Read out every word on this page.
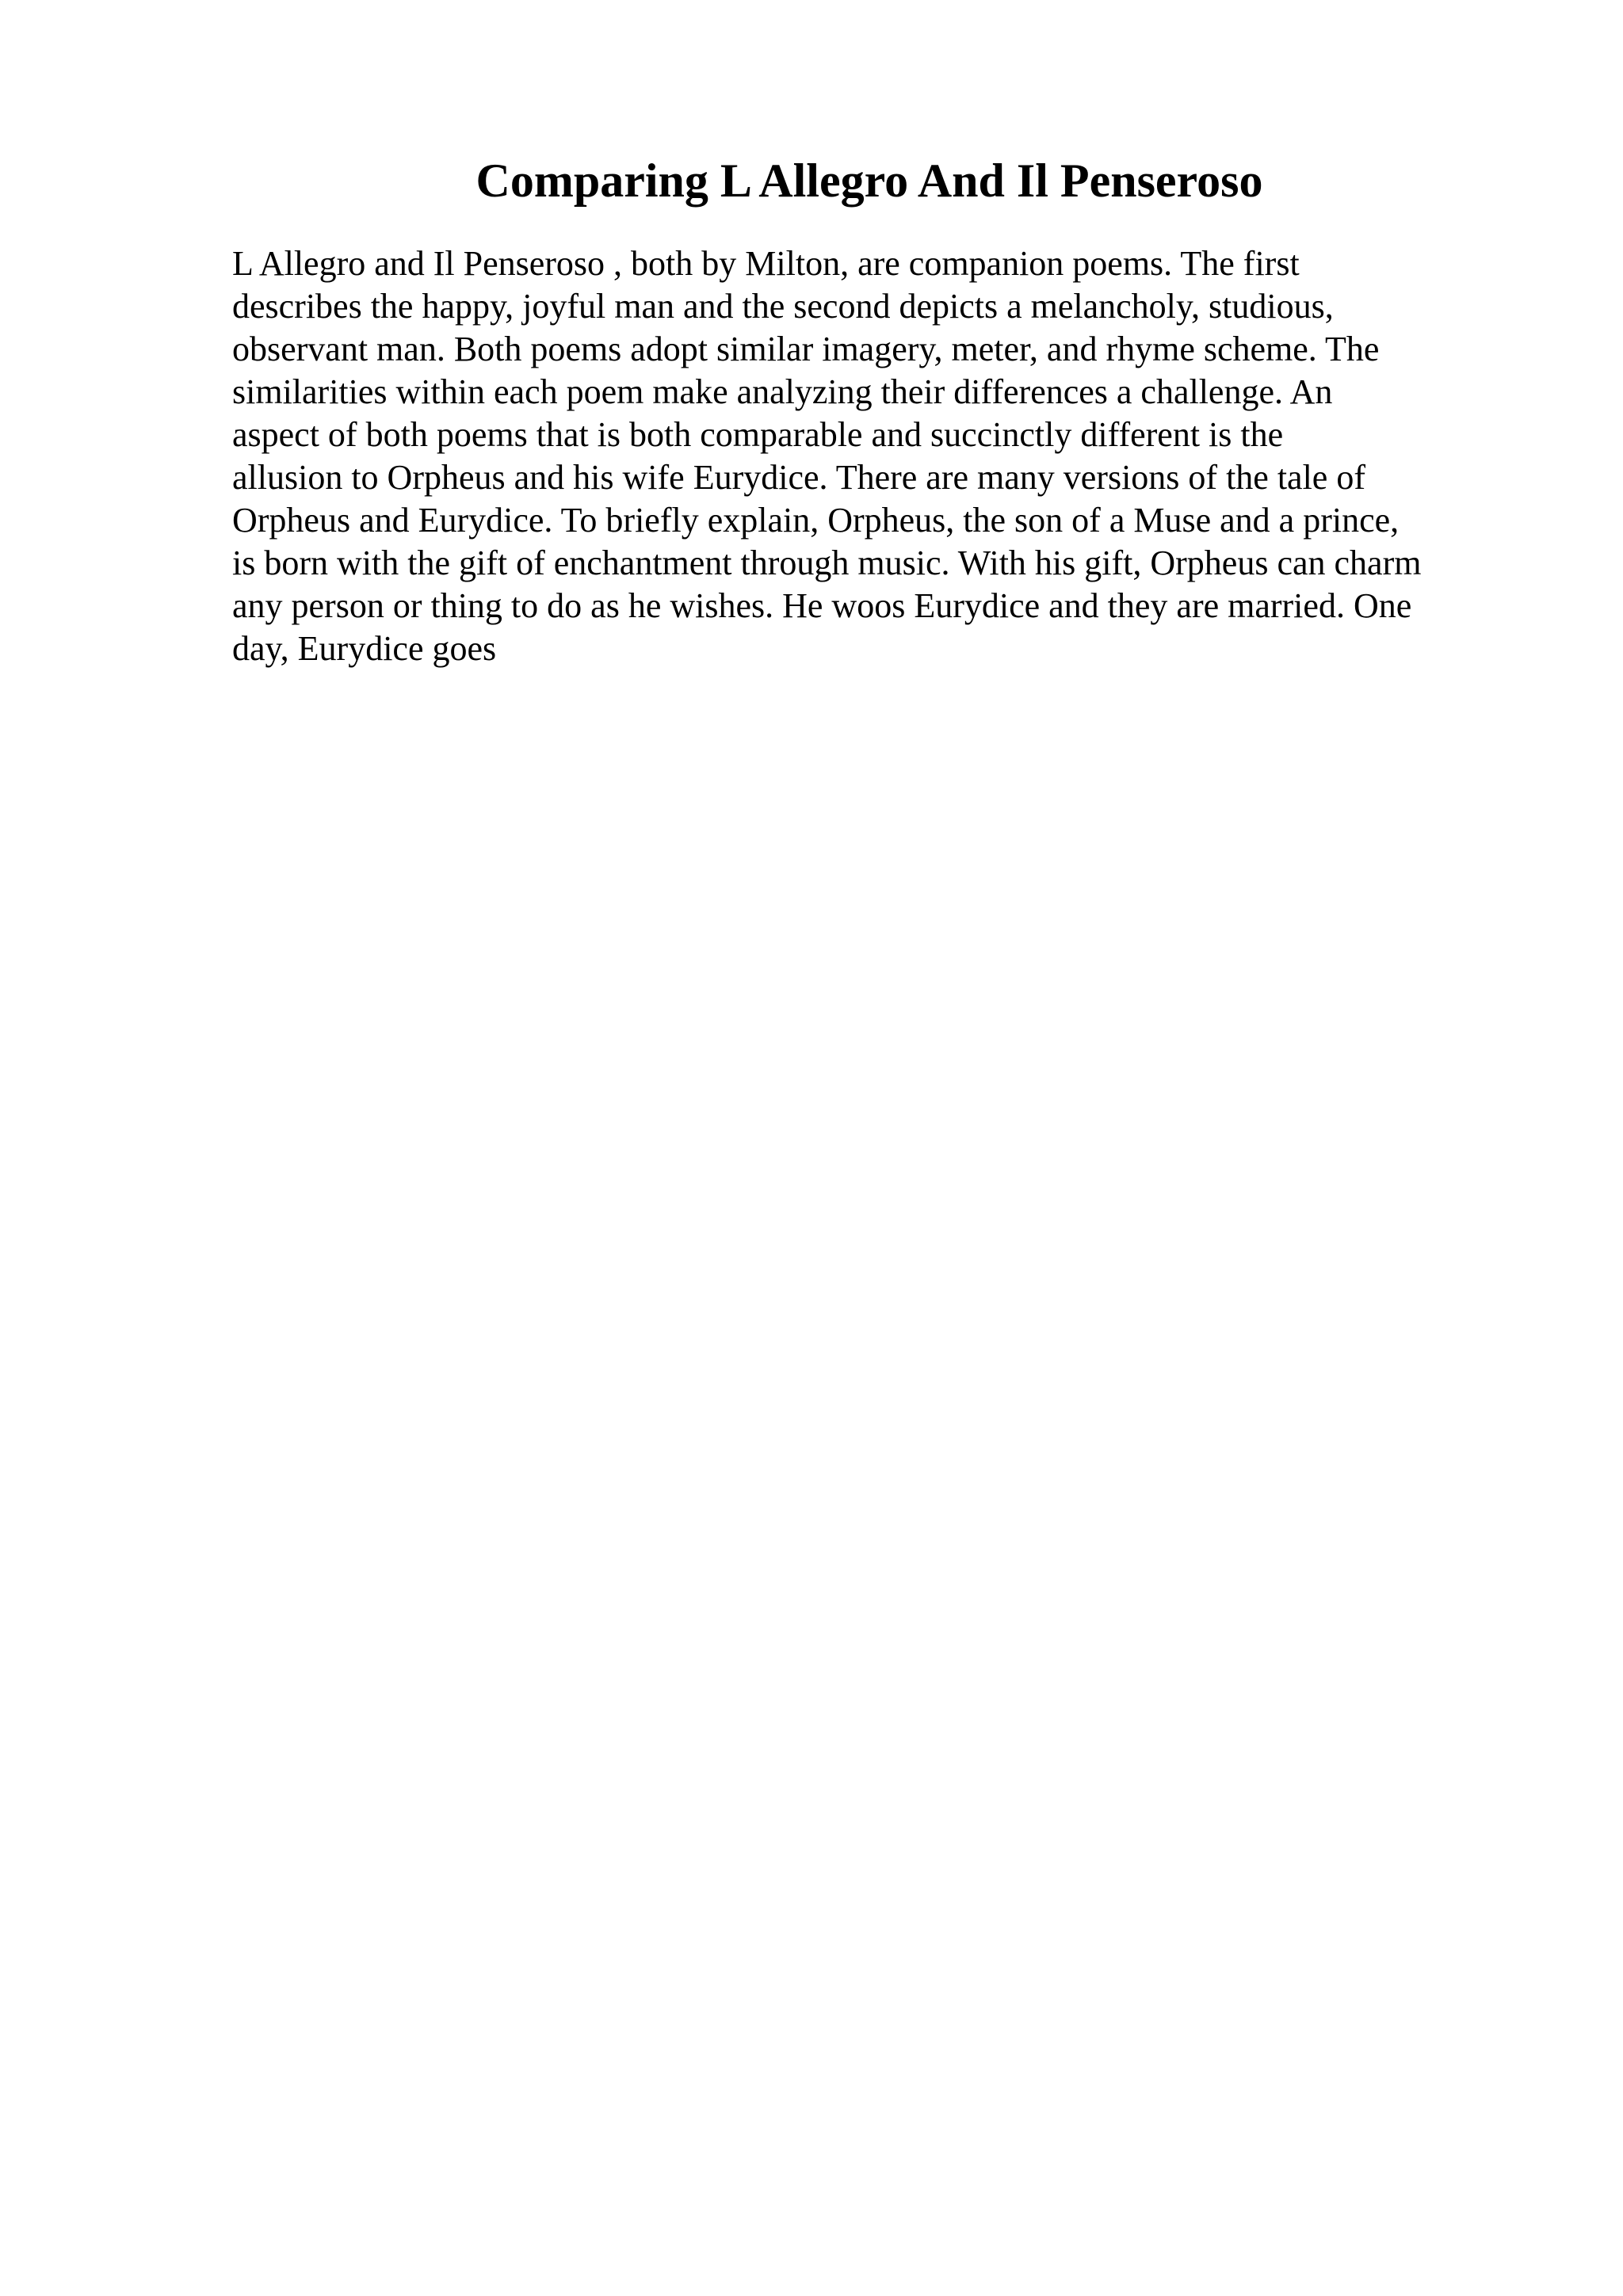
Comparing L Allegro And Il Penseroso

L Allegro and Il Penseroso , both by Milton, are companion poems. The first
describes the happy, joyful man and the second depicts a melancholy, studious,
observant man. Both poems adopt similar imagery, meter, and rhyme scheme. The
similarities within each poem make analyzing their differences a challenge. An
aspect of both poems that is both comparable and succinctly different is the
allusion to Orpheus and his wife Eurydice. There are many versions of the tale of
Orpheus and Eurydice. To briefly explain, Orpheus, the son of a Muse and a prince,
is born with the gift of enchantment through music. With his gift, Orpheus can charm
any person or thing to do as he wishes. He woos Eurydice and they are married. One
day, Eurydice goes
